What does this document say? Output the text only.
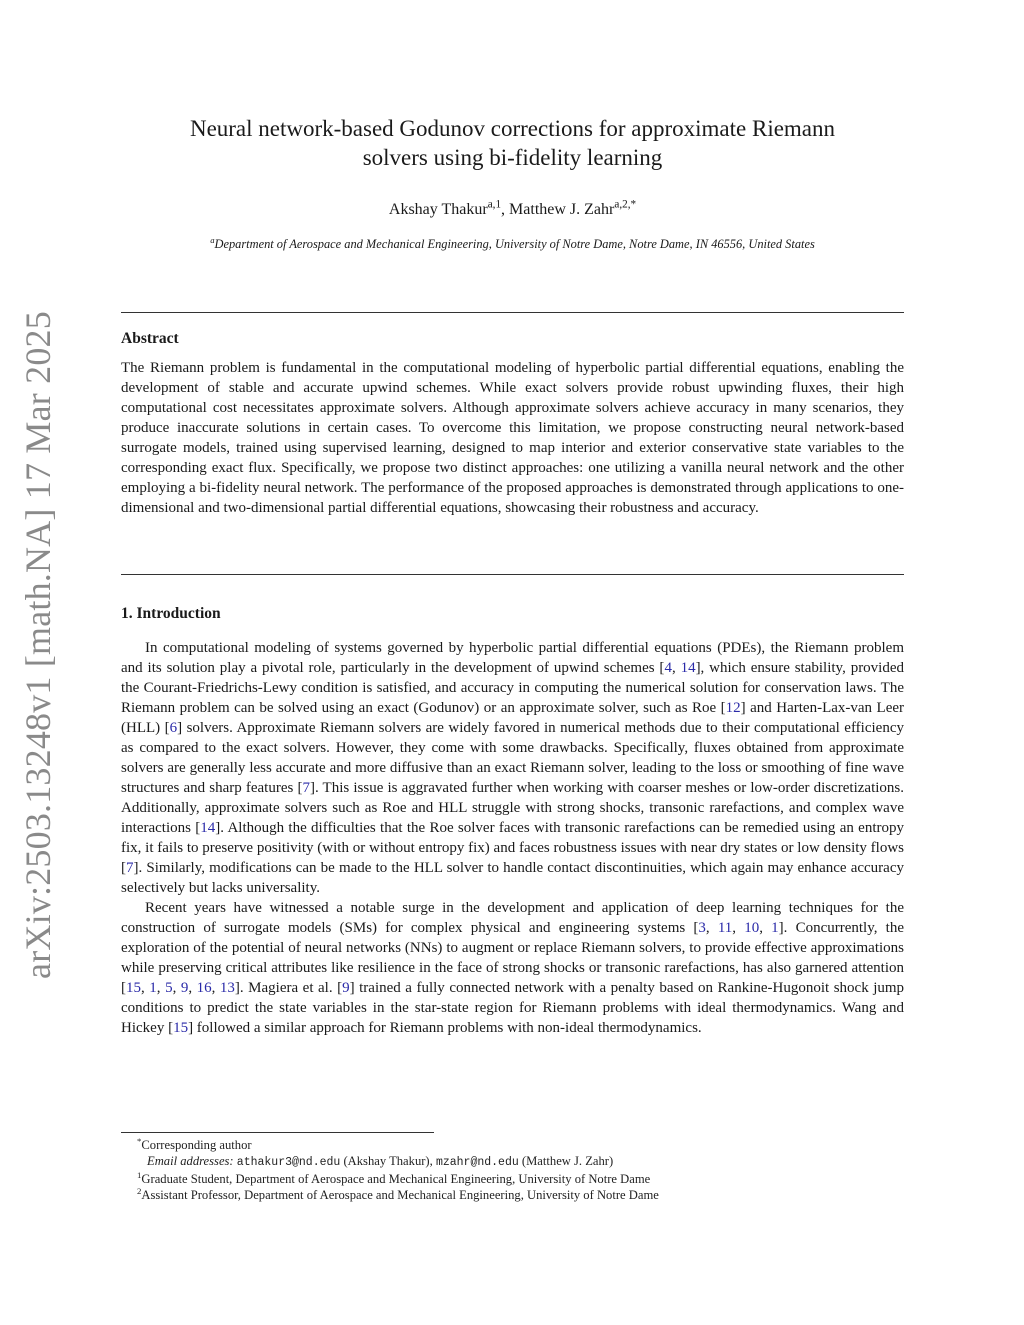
arXiv:2503.13248v1 [math.NA] 17 Mar 2025
Neural network-based Godunov corrections for approximate Riemann
solvers using bi-fidelity learning
Akshay Thakur$^{a,1}$, Matthew J. Zahr$^{a,2,*}$
$^a$Department of Aerospace and Mechanical Engineering, University of Notre Dame, Notre Dame, IN 46556, United States
Abstract
The Riemann problem is fundamental in the computational modeling of hyperbolic partial differential equations, enabling the development of stable and accurate upwind schemes. While exact solvers provide robust upwinding fluxes, their high computational cost necessitates approximate solvers. Although approximate solvers achieve accuracy in many scenarios, they produce inaccurate solutions in certain cases. To overcome this limitation, we propose constructing neural network-based surrogate models, trained using supervised learning, designed to map interior and exterior conservative state variables to the corresponding exact flux. Specifically, we propose two distinct approaches: one utilizing a vanilla neural network and the other employing a bi-fidelity neural network. The performance of the proposed approaches is demonstrated through applications to one-dimensional and two-dimensional partial differential equations, showcasing their robustness and accuracy.
1. Introduction

In computational modeling of systems governed by hyperbolic partial differential equations (PDEs), the Riemann problem and its solution play a pivotal role, particularly in the development of upwind schemes [4, 14], which ensure stability, provided the Courant-Friedrichs-Lewy condition is satisfied, and accuracy in computing the numerical solution for conservation laws. The Riemann problem can be solved using an exact (Godunov) or an approximate solver, such as Roe [12] and Harten-Lax-van Leer (HLL) [6] solvers. Approximate Riemann solvers are widely favored in numerical methods due to their computational efficiency as compared to the exact solvers. However, they come with some drawbacks. Specifically, fluxes obtained from approximate solvers are generally less accurate and more diffusive than an exact Riemann solver, leading to the loss or smoothing of fine wave structures and sharp features [7]. This issue is aggravated further when working with coarser meshes or low-order discretizations. Additionally, approximate solvers such as Roe and HLL struggle with strong shocks, transonic rarefactions, and complex wave interactions [14]. Although the difficulties that the Roe solver faces with transonic rarefactions can be remedied using an entropy fix, it fails to preserve positivity (with or without entropy fix) and faces robustness issues with near dry states or low density flows [7]. Similarly, modifications can be made to the HLL solver to handle contact discontinuities, which again may enhance accuracy selectively but lacks universality.

Recent years have witnessed a notable surge in the development and application of deep learning techniques for the construction of surrogate models (SMs) for complex physical and engineering systems [3, 11, 10, 1]. Concurrently, the exploration of the potential of neural networks (NNs) to augment or replace Riemann solvers, to provide effective approximations while preserving critical attributes like resilience in the face of strong shocks or transonic rarefactions, has also garnered attention [15, 1, 5, 9, 16, 13]. Magiera et al. [9] trained a fully connected network with a penalty based on Rankine-Hugonoit shock jump conditions to predict the state variables in the star-state region for Riemann problems with ideal thermodynamics. Wang and Hickey [15] followed a similar approach for Riemann problems with non-ideal thermodynamics.

*Corresponding author
Email addresses: athakur3@nd.edu (Akshay Thakur), mzahr@nd.edu (Matthew J. Zahr)
$^1$Graduate Student, Department of Aerospace and Mechanical Engineering, University of Notre Dame
$^2$Assistant Professor, Department of Aerospace and Mechanical Engineering, University of Notre Dame
